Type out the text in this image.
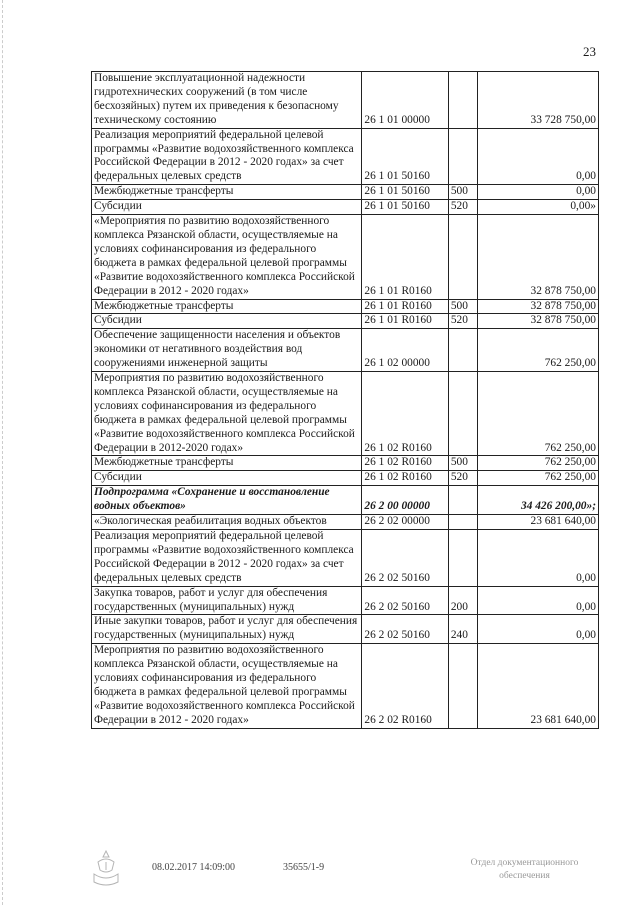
23
Повышение эксплуатационной надежности гидротехнических сооружений (в том числе бесхозяйных) путем их приведения к безопасному техническому состоянию	26 1 01 00000		33 728 750,00
Реализация мероприятий федеральной целевой программы «Развитие водохозяйственного комплекса Российской Федерации в 2012 - 2020 годах» за счет федеральных целевых средств	26 1 01 50160		0,00
Межбюджетные трансферты	26 1 01 50160	500	0,00
Субсидии	26 1 01 50160	520	0,00»
«Мероприятия по развитию водохозяйственного комплекса Рязанской области, осуществляемые на условиях софинансирования из федерального бюджета в рамках федеральной целевой программы «Развитие водохозяйственного комплекса Российской Федерации в 2012 - 2020 годах»	26 1 01 R0160		32 878 750,00
Межбюджетные трансферты	26 1 01 R0160	500	32 878 750,00
Субсидии	26 1 01 R0160	520	32 878 750,00
Обеспечение защищенности населения и объектов экономики от негативного воздействия вод сооружениями инженерной защиты	26 1 02 00000		762 250,00
Мероприятия по развитию водохозяйственного комплекса Рязанской области, осуществляемые на условиях софинансирования из федерального бюджета в рамках федеральной целевой программы «Развитие водохозяйственного комплекса Российской Федерации в 2012-2020 годах»	26 1 02 R0160		762 250,00
Межбюджетные трансферты	26 1 02 R0160	500	762 250,00
Субсидии	26 1 02 R0160	520	762 250,00
Подпрограмма «Сохранение и восстановление водных объектов»	26 2 00 00000		34 426 200,00»;
«Экологическая реабилитация водных объектов	26 2 02 00000		23 681 640,00
Реализация мероприятий федеральной целевой программы «Развитие водохозяйственного комплекса Российской Федерации в 2012 - 2020 годах» за счет федеральных целевых средств	26 2 02 50160		0,00
Закупка товаров, работ и услуг для обеспечения государственных (муниципальных) нужд	26 2 02 50160	200	0,00
Иные закупки товаров, работ и услуг для обеспечения государственных (муниципальных) нужд	26 2 02 50160	240	0,00
Мероприятия по развитию водохозяйственного комплекса Рязанской области, осуществляемые на условиях софинансирования из федерального бюджета в рамках федеральной целевой программы «Развитие водохозяйственного комплекса Российской Федерации в 2012 - 2020 годах»	26 2 02 R0160		23 681 640,00
08.02.2017 14:09:00	35655/1-9	Отдел документационного
обеспечения
